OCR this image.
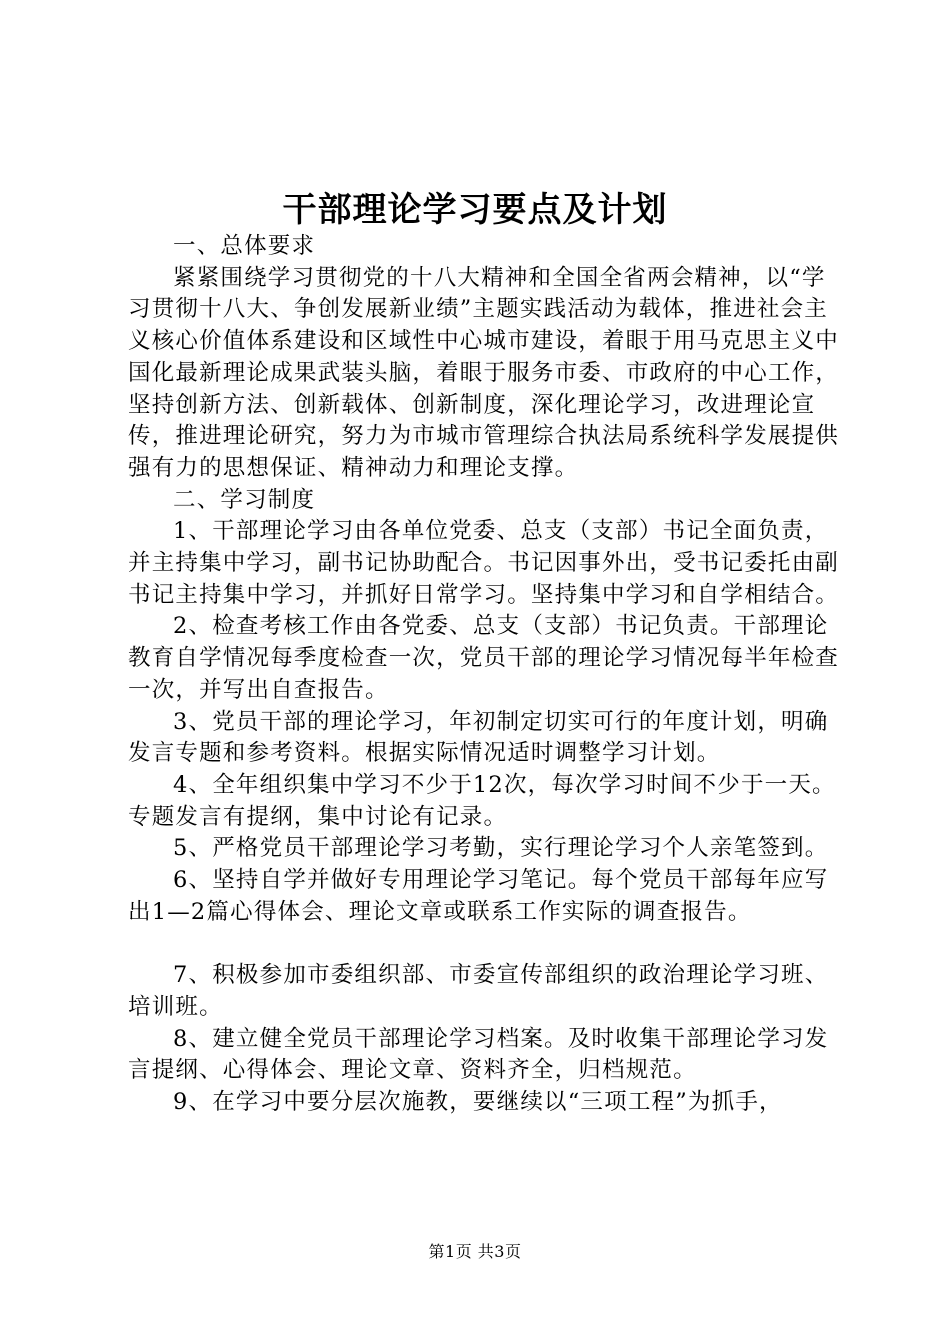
干部理论学习要点及计划

一、总体要求

紧紧围绕学习贯彻党的十八大精神和全国全省两会精神，以“学习贯彻十八大、争创发展新业绩”主题实践活动为载体，推进社会主义核心价值体系建设和区域性中心城市建设，着眼于用马克思主义中国化最新理论成果武装头脑，着眼于服务市委、市政府的中心工作，坚持创新方法、创新载体、创新制度，深化理论学习，改进理论宣传，推进理论研究，努力为市城市管理综合执法局系统科学发展提供强有力的思想保证、精神动力和理论支撑。

二、学习制度

1、干部理论学习由各单位党委、总支（支部）书记全面负责，并主持集中学习，副书记协助配合。书记因事外出，受书记委托由副书记主持集中学习，并抓好日常学习。坚持集中学习和自学相结合。

2、检查考核工作由各党委、总支（支部）书记负责。干部理论教育自学情况每季度检查一次，党员干部的理论学习情况每半年检查一次，并写出自查报告。

3、党员干部的理论学习，年初制定切实可行的年度计划，明确发言专题和参考资料。根据实际情况适时调整学习计划。

4、全年组织集中学习不少于12次，每次学习时间不少于一天。专题发言有提纲，集中讨论有记录。

5、严格党员干部理论学习考勤，实行理论学习个人亲笔签到。

6、坚持自学并做好专用理论学习笔记。每个党员干部每年应写出1—2篇心得体会、理论文章或联系工作实际的调查报告。

7、积极参加市委组织部、市委宣传部组织的政治理论学习班、培训班。

8、建立健全党员干部理论学习档案。及时收集干部理论学习发言提纲、心得体会、理论文章、资料齐全，归档规范。

9、在学习中要分层次施教，要继续以“三项工程”为抓手，

第1页 共3页
